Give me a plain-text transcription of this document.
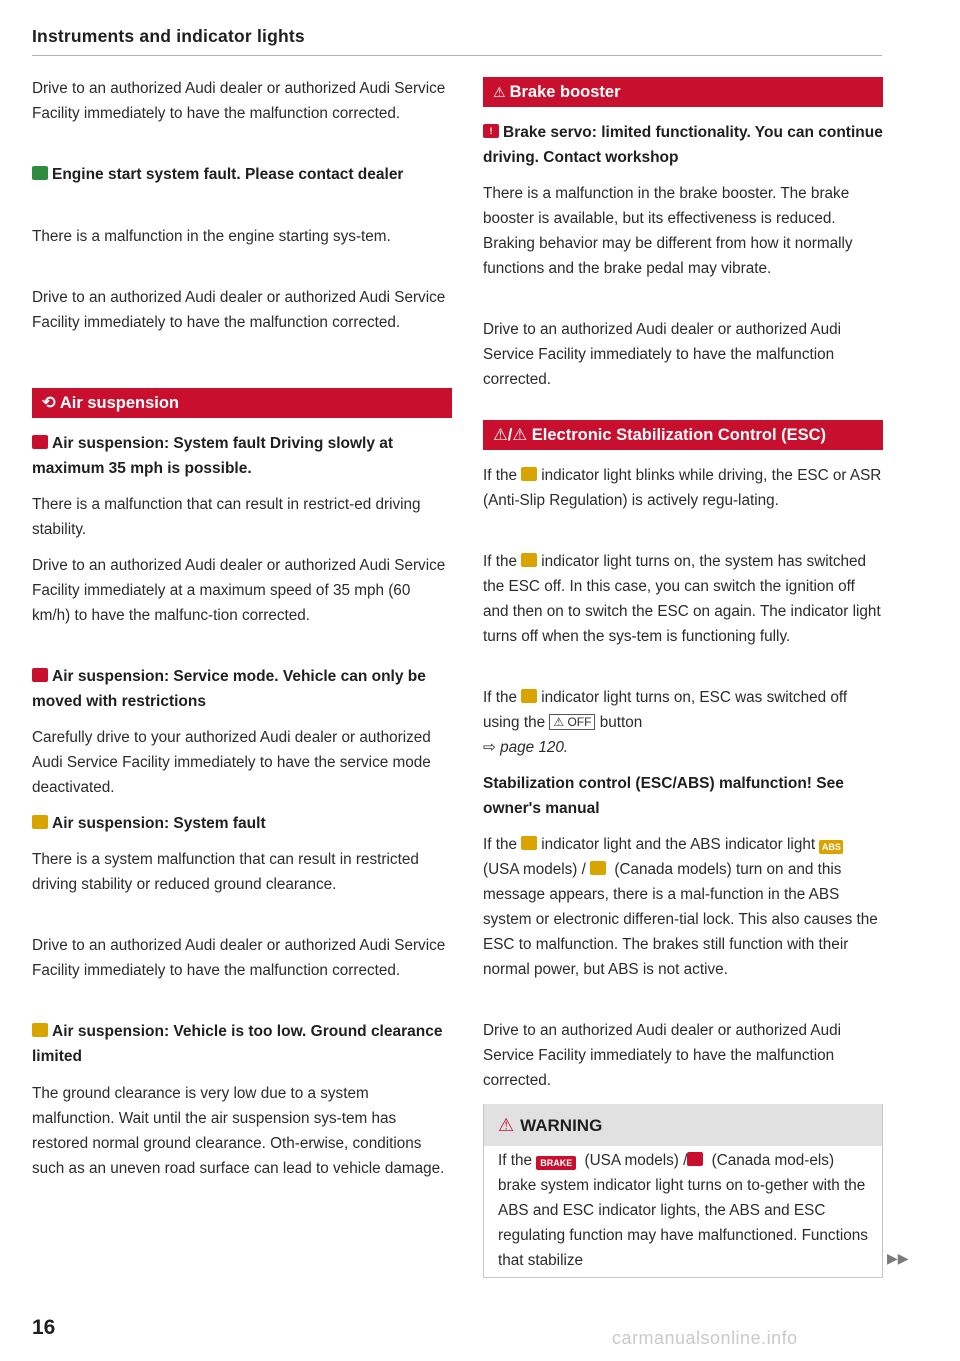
Instruments and indicator lights

Drive to an authorized Audi dealer or authorized Audi Service Facility immediately to have the malfunction corrected.

Engine start system fault. Please contact dealer

There is a malfunction in the engine starting sys-tem.

Drive to an authorized Audi dealer or authorized Audi Service Facility immediately to have the malfunction corrected.

⟲ Air suspension
Air suspension: System fault Driving slowly at maximum 35 mph is possible.

There is a malfunction that can result in restrict-ed driving stability.

Drive to an authorized Audi dealer or authorized Audi Service Facility immediately at a maximum speed of 35 mph (60 km/h) to have the malfunc-tion corrected.

Air suspension: Service mode. Vehicle can only be moved with restrictions

Carefully drive to your authorized Audi dealer or authorized Audi Service Facility immediately to have the service mode deactivated.

Air suspension: System fault

There is a system malfunction that can result in restricted driving stability or reduced ground clearance.

Drive to an authorized Audi dealer or authorized Audi Service Facility immediately to have the malfunction corrected.

Air suspension: Vehicle is too low. Ground clearance limited

The ground clearance is very low due to a system malfunction. Wait until the air suspension sys-tem has restored normal ground clearance. Oth-erwise, conditions such as an uneven road surface can lead to vehicle damage.

⚠ Brake booster
! Brake servo: limited functionality. You can continue driving. Contact workshop

There is a malfunction in the brake booster. The brake booster is available, but its effectiveness is reduced. Braking behavior may be different from how it normally functions and the brake pedal may vibrate.

Drive to an authorized Audi dealer or authorized Audi Service Facility immediately to have the malfunction corrected.

⚠/⚠ Electronic Stabilization Control (ESC)

If the indicator light blinks while driving, the ESC or ASR (Anti-Slip Regulation) is actively regu-lating.

If the indicator light turns on, the system has switched the ESC off. In this case, you can switch the ignition off and then on to switch the ESC on again. The indicator light turns off when the sys-tem is functioning fully.

If the indicator light turns on, ESC was switched off using the ⚠ OFF button
⇨ page 120.

Stabilization control (ESC/ABS) malfunction! See owner's manual

If the indicator light and the ABS indicator light ABS (USA models) / (Canada models) turn on and this message appears, there is a mal-function in the ABS system or electronic differen-tial lock. This also causes the ESC to malfunction. The brakes still function with their normal power, but ABS is not active.

Drive to an authorized Audi dealer or authorized Audi Service Facility immediately to have the malfunction corrected.

⚠ WARNING
If the BRAKE (USA models) / (Canada mod-els) brake system indicator light turns on to-gether with the ABS and ESC indicator lights, the ABS and ESC regulating function may have malfunctioned. Functions that stabilize	▶▶
16	carmanualsonline.info
